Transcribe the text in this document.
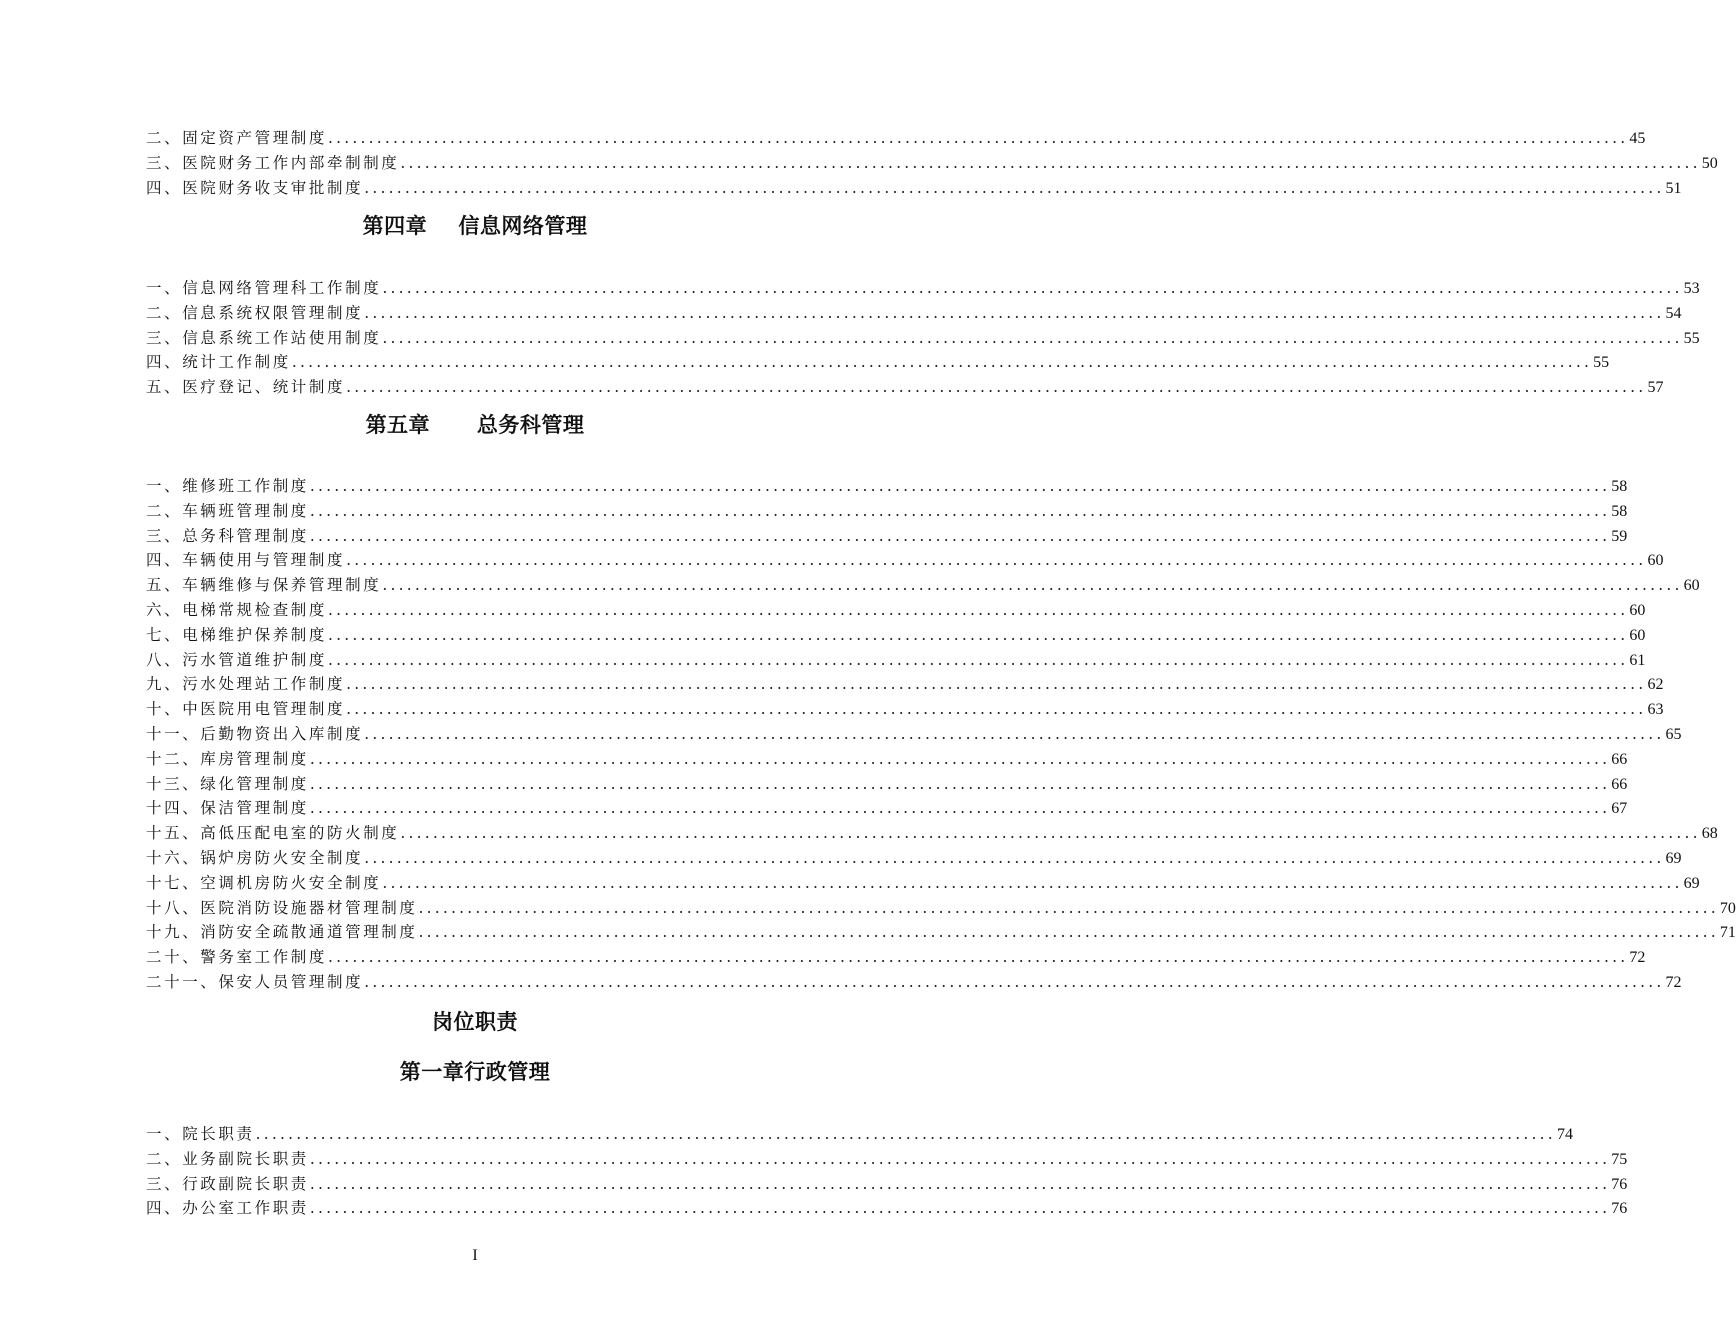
二、固定资产管理制度 ................................................................................................................................................................ 45
三、医院财务工作内部牵制制度 ................................................................................................................................................................ 50
四、医院财务收支审批制度 ................................................................................................................................................................ 51
第四章    信息网络管理
一、信息网络管理科工作制度 ................................................................................................................................................................ 53
二、信息系统权限管理制度 ................................................................................................................................................................ 54
三、信息系统工作站使用制度 ................................................................................................................................................................ 55
四、统计工作制度 ................................................................................................................................................................ 55
五、医疗登记、统计制度 ................................................................................................................................................................ 57
第五章      总务科管理
一、维修班工作制度 ................................................................................................................................................................ 58
二、车辆班管理制度 ................................................................................................................................................................ 58
三、总务科管理制度 ................................................................................................................................................................ 59
四、车辆使用与管理制度 ................................................................................................................................................................ 60
五、车辆维修与保养管理制度 ................................................................................................................................................................ 60
六、电梯常规检查制度 ................................................................................................................................................................ 60
七、电梯维护保养制度 ................................................................................................................................................................ 60
八、污水管道维护制度 ................................................................................................................................................................ 61
九、污水处理站工作制度 ................................................................................................................................................................ 62
十、中医院用电管理制度 ................................................................................................................................................................ 63
十一、后勤物资出入库制度 ................................................................................................................................................................ 65
十二、库房管理制度 ................................................................................................................................................................ 66
十三、绿化管理制度 ................................................................................................................................................................ 66
十四、保洁管理制度 ................................................................................................................................................................ 67
十五、高低压配电室的防火制度 ................................................................................................................................................................ 68
十六、锅炉房防火安全制度 ................................................................................................................................................................ 69
十七、空调机房防火安全制度 ................................................................................................................................................................ 69
十八、医院消防设施器材管理制度 ................................................................................................................................................................ 70
十九、消防安全疏散通道管理制度 ................................................................................................................................................................ 71
二十、警务室工作制度 ................................................................................................................................................................ 72
二十一、保安人员管理制度 ................................................................................................................................................................ 72
岗位职责
第一章行政管理
一、院长职责 ................................................................................................................................................................ 74
二、业务副院长职责 ................................................................................................................................................................ 75
三、行政副院长职责 ................................................................................................................................................................ 76
四、办公室工作职责 ................................................................................................................................................................ 76
I
